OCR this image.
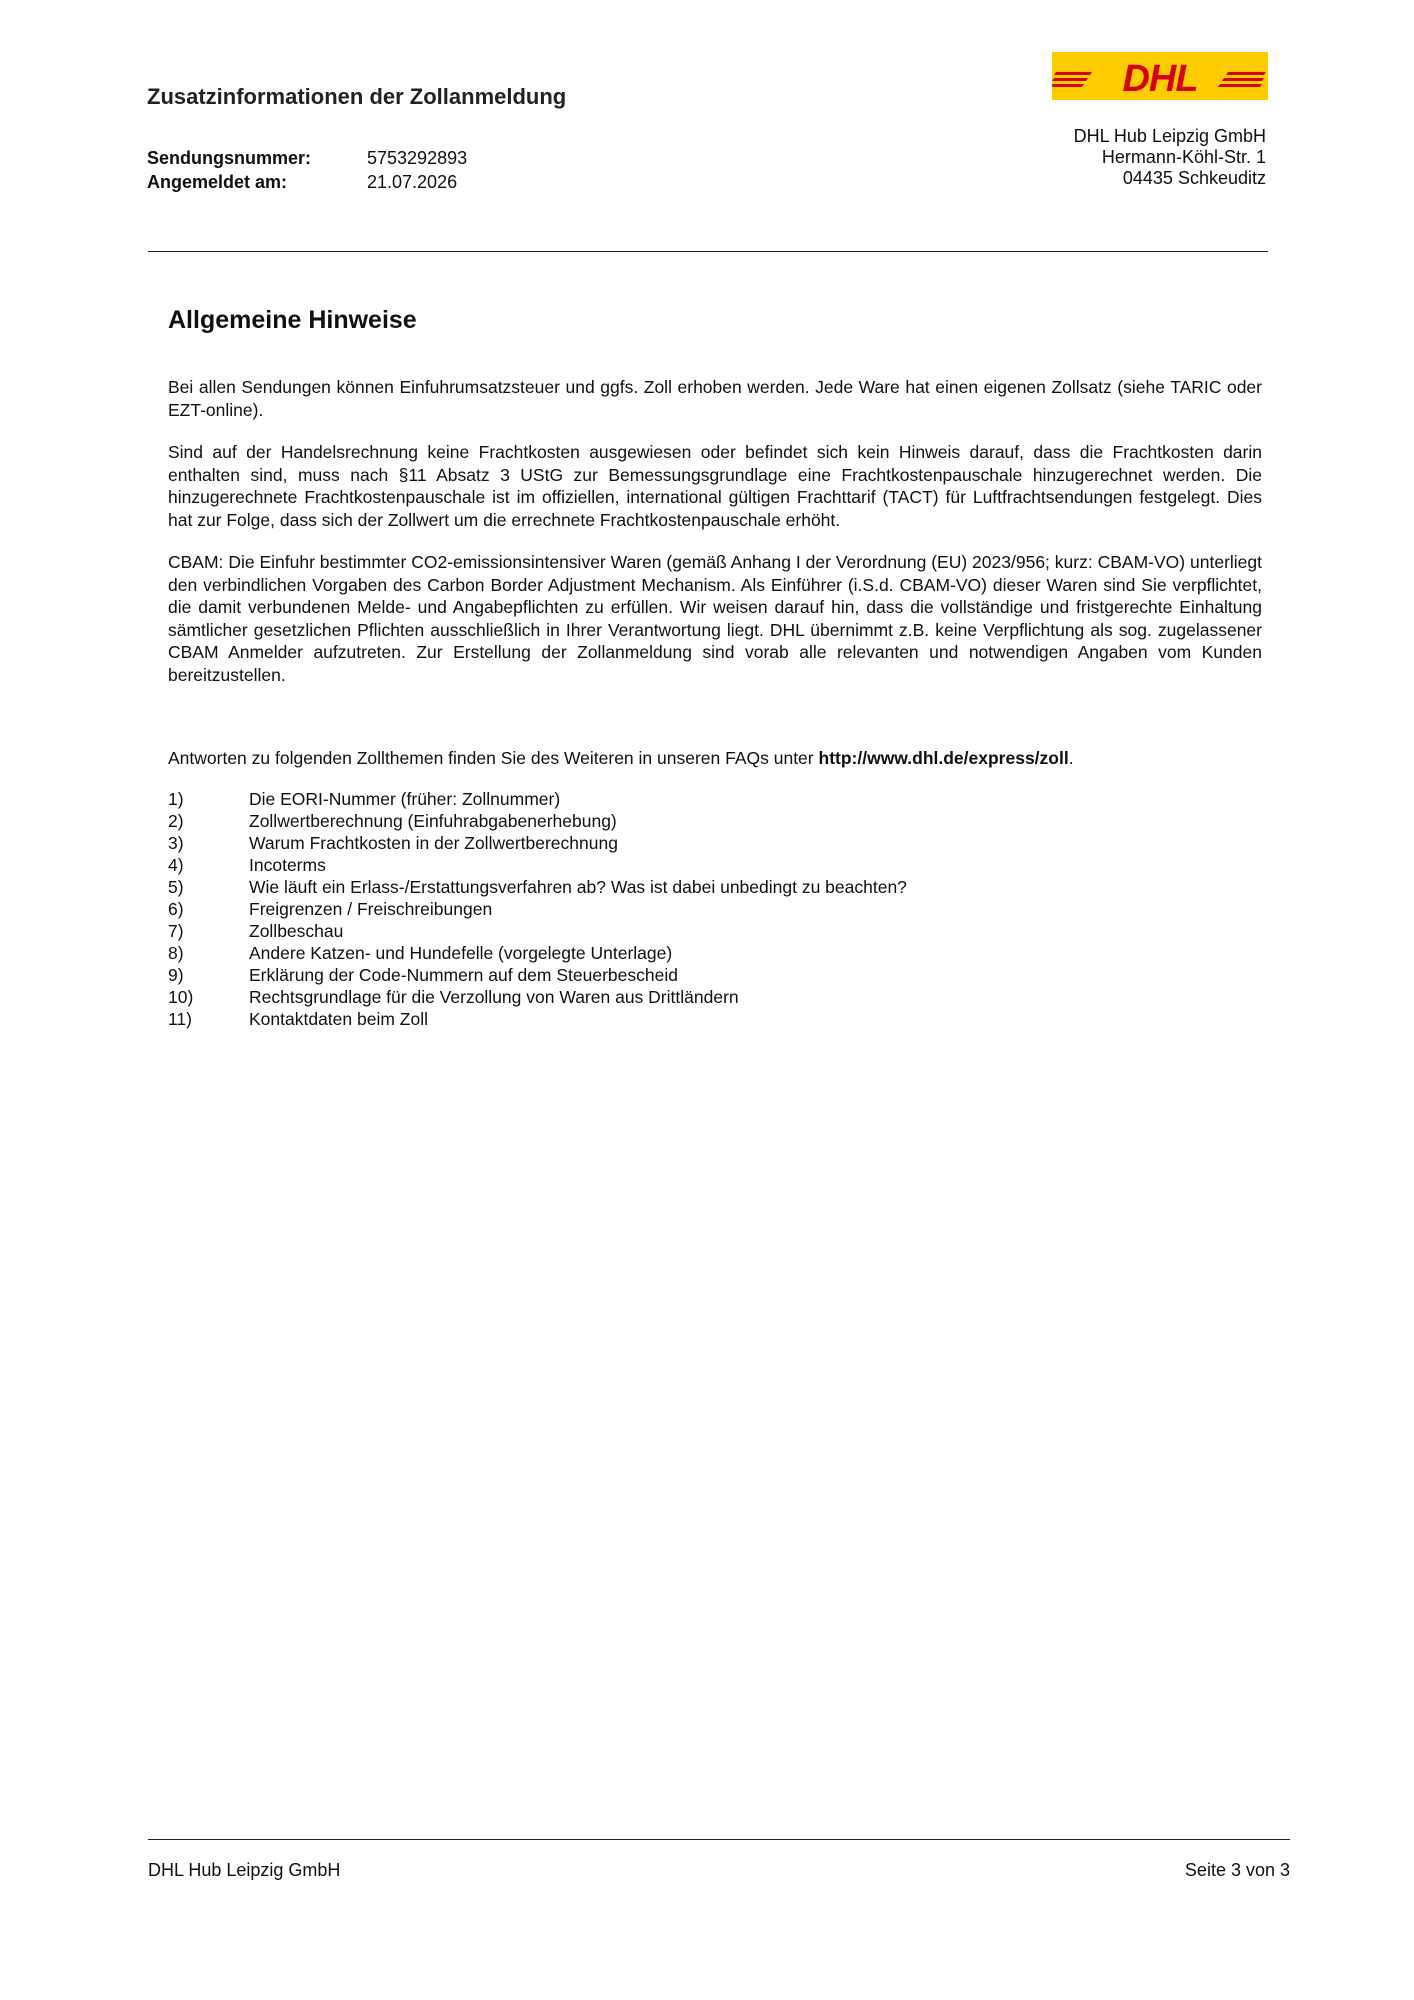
Zusatzinformationen der Zollanmeldung
Sendungsnummer:	5753292893
Angemeldet am:	21.07.2026
DHL
DHL Hub Leipzig GmbH
Hermann-Köhl-Str. 1
04435 Schkeuditz
Allgemeine Hinweise
Bei allen Sendungen können Einfuhrumsatzsteuer und ggfs. Zoll erhoben werden. Jede Ware hat einen eigenen Zollsatz (siehe TARIC oder EZT-online).
Sind auf der Handelsrechnung keine Frachtkosten ausgewiesen oder befindet sich kein Hinweis darauf, dass die Frachtkosten darin enthalten sind, muss nach §11 Absatz 3 UStG zur Bemessungsgrundlage eine Frachtkostenpauschale hinzugerechnet werden. Die hinzugerechnete Frachtkostenpauschale ist im offiziellen, international gültigen Frachttarif (TACT) für Luftfrachtsendungen festgelegt. Dies hat zur Folge, dass sich der Zollwert um die errechnete Frachtkostenpauschale erhöht.
CBAM: Die Einfuhr bestimmter CO2-emissionsintensiver Waren (gemäß Anhang I der Verordnung (EU) 2023/956; kurz: CBAM-VO) unterliegt den verbindlichen Vorgaben des Carbon Border Adjustment Mechanism. Als Einführer (i.S.d. CBAM-VO) dieser Waren sind Sie verpflichtet, die damit verbundenen Melde- und Angabepflichten zu erfüllen. Wir weisen darauf hin, dass die vollständige und fristgerechte Einhaltung sämtlicher gesetzlichen Pflichten ausschließlich in Ihrer Verantwortung liegt. DHL übernimmt z.B. keine Verpflichtung als sog. zugelassener CBAM Anmelder aufzutreten. Zur Erstellung der Zollanmeldung sind vorab alle relevanten und notwendigen Angaben vom Kunden bereitzustellen.
Antworten zu folgenden Zollthemen finden Sie des Weiteren in unseren FAQs unter http://www.dhl.de/express/zoll.
1)	Die EORI-Nummer (früher: Zollnummer)
2)	Zollwertberechnung (Einfuhrabgabenerhebung)
3)	Warum Frachtkosten in der Zollwertberechnung
4)	Incoterms
5)	Wie läuft ein Erlass-/Erstattungsverfahren ab? Was ist dabei unbedingt zu beachten?
6)	Freigrenzen / Freischreibungen
7)	Zollbeschau
8)	Andere Katzen- und Hundefelle (vorgelegte Unterlage)
9)	Erklärung der Code-Nummern auf dem Steuerbescheid
10)	Rechtsgrundlage für die Verzollung von Waren aus Drittländern
11)	Kontaktdaten beim Zoll
DHL Hub Leipzig GmbH	Seite 3 von 3
